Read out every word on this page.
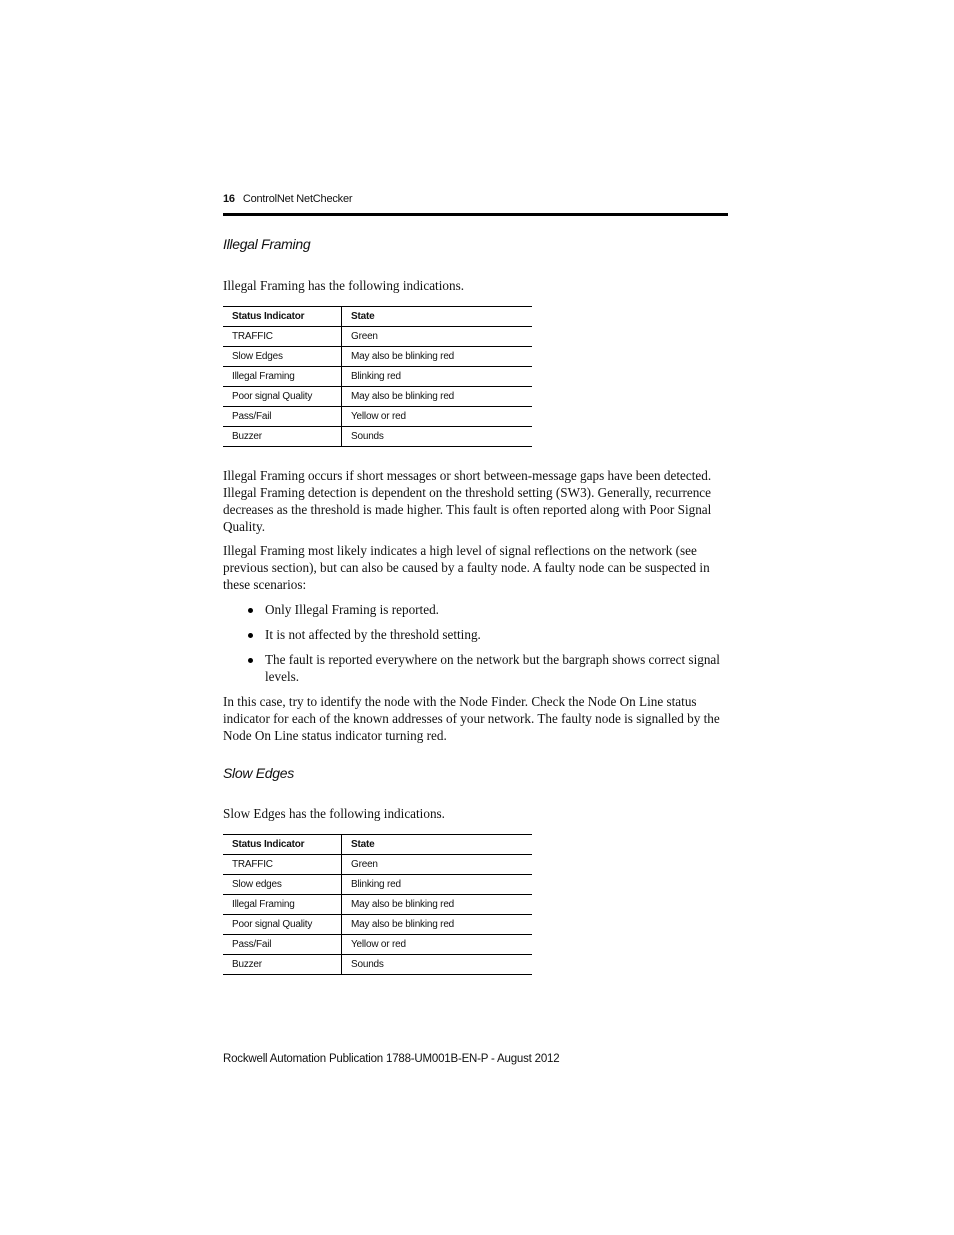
16 ControlNet NetChecker
Illegal Framing

Illegal Framing has the following indications.

Status Indicator	State
TRAFFIC	Green
Slow Edges	May also be blinking red
Illegal Framing	Blinking red
Poor signal Quality	May also be blinking red
Pass/Fail	Yellow or red
Buzzer	Sounds

Illegal Framing occurs if short messages or short between-message gaps have been detected. Illegal Framing detection is dependent on the threshold setting (SW3). Generally, recurrence decreases as the threshold is made higher. This fault is often reported along with Poor Signal Quality.

Illegal Framing most likely indicates a high level of signal reflections on the network (see previous section), but can also be caused by a faulty node. A faulty node can be suspected in these scenarios:

Only Illegal Framing is reported.
It is not affected by the threshold setting.
The fault is reported everywhere on the network but the bargraph shows correct signal levels.

In this case, try to identify the node with the Node Finder. Check the Node On Line status indicator for each of the known addresses of your network. The faulty node is signalled by the Node On Line status indicator turning red.

Slow Edges

Slow Edges has the following indications.

Status Indicator	State
TRAFFIC	Green
Slow edges	Blinking red
Illegal Framing	May also be blinking red
Poor signal Quality	May also be blinking red
Pass/Fail	Yellow or red
Buzzer	Sounds
Rockwell Automation Publication 1788-UM001B-EN-P - August 2012
